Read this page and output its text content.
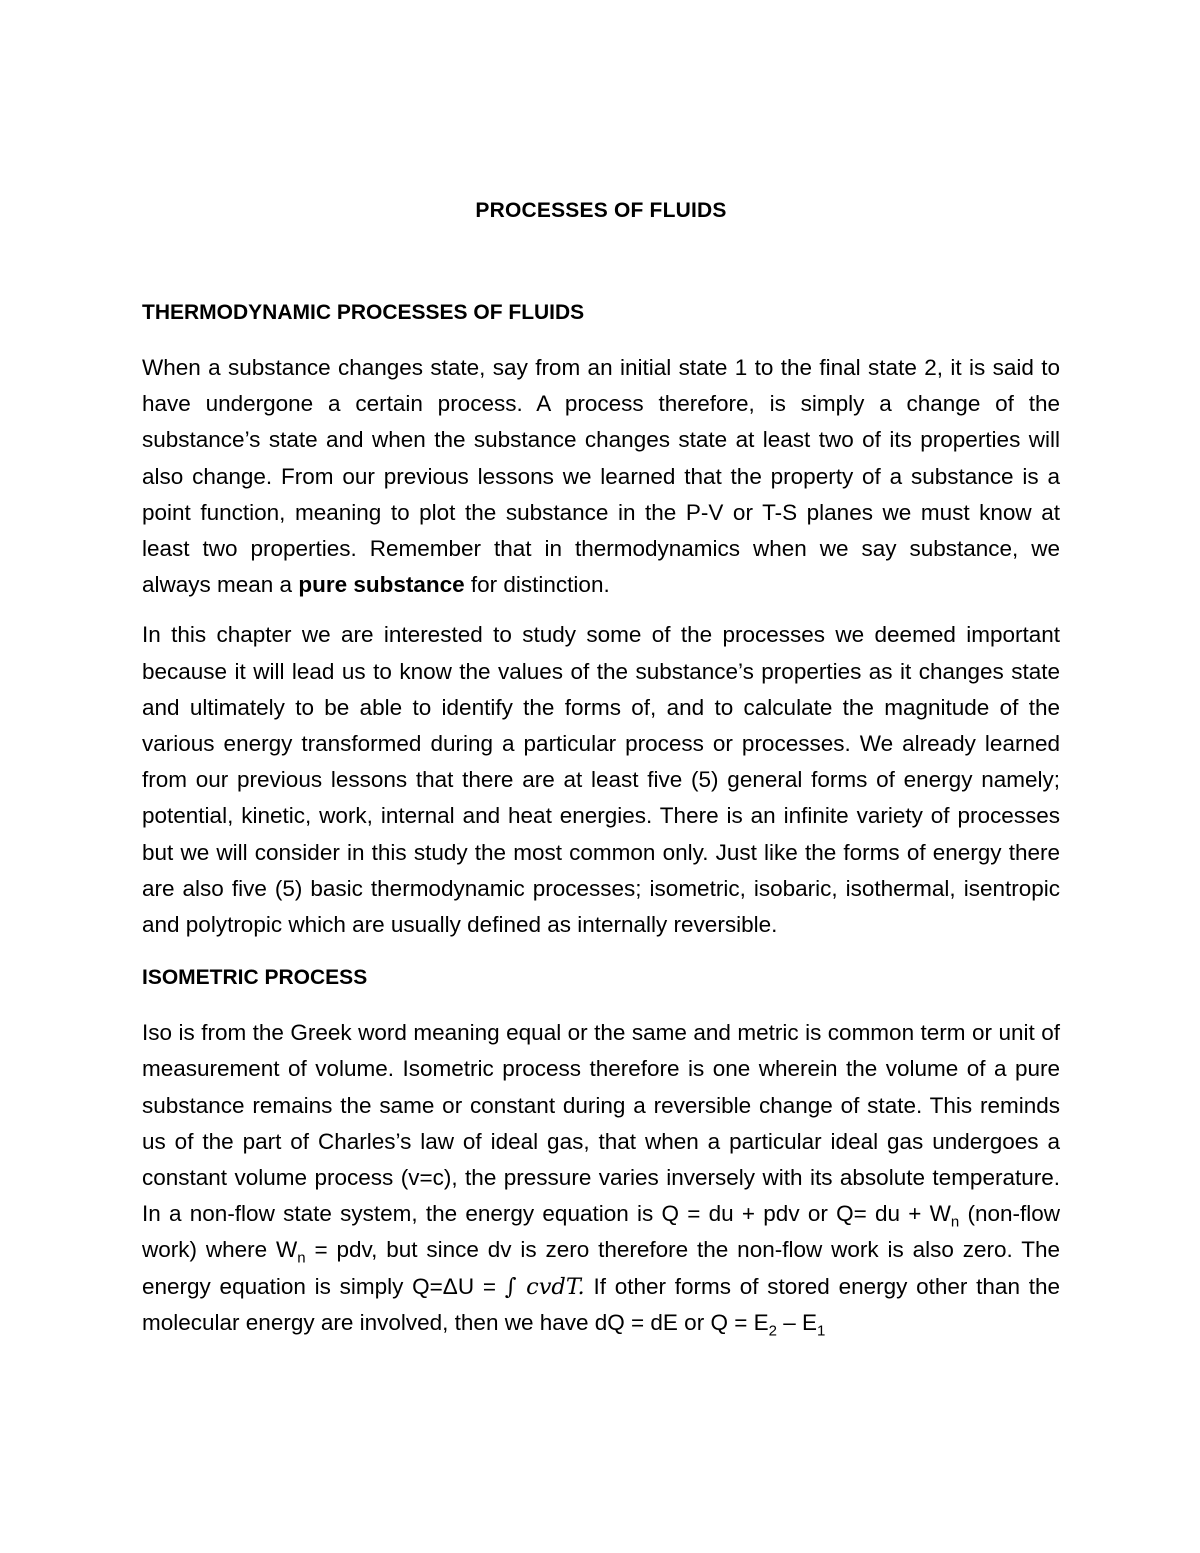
PROCESSES OF FLUIDS
THERMODYNAMIC PROCESSES OF FLUIDS

When a substance changes state, say from an initial state 1 to the final state 2, it is said to have undergone a certain process. A process therefore, is simply a change of the substance’s state and when the substance changes state at least two of its properties will also change. From our previous lessons we learned that the property of a substance is a point function, meaning to plot the substance in the P-V or T-S planes we must know at least two properties. Remember that in thermodynamics when we say substance, we always mean a pure substance for distinction.

In this chapter we are interested to study some of the processes we deemed important because it will lead us to know the values of the substance’s properties as it changes state and ultimately to be able to identify the forms of, and to calculate the magnitude of the various energy transformed during a particular process or processes. We already learned from our previous lessons that there are at least five (5) general forms of energy namely; potential, kinetic, work, internal and heat energies. There is an infinite variety of processes but we will consider in this study the most common only. Just like the forms of energy there are also five (5) basic thermodynamic processes; isometric, isobaric, isothermal, isentropic and polytropic which are usually defined as internally reversible.

ISOMETRIC PROCESS

Iso is from the Greek word meaning equal or the same and metric is common term or unit of measurement of volume. Isometric process therefore is one wherein the volume of a pure substance remains the same or constant during a reversible change of state. This reminds us of the part of Charles’s law of ideal gas, that when a particular ideal gas undergoes a constant volume process (v=c), the pressure varies inversely with its absolute temperature. In a non-flow state system, the energy equation is Q = du + pdv or Q= du + $W_n$ (non-flow work) where $W_n$ = pdv, but since dv is zero therefore the non-flow work is also zero. The energy equation is simply Q=ΔU = ∫ cvdT. If other forms of stored energy other than the molecular energy are involved, then we have dQ = dE or $Q = E_2 - E_1$
